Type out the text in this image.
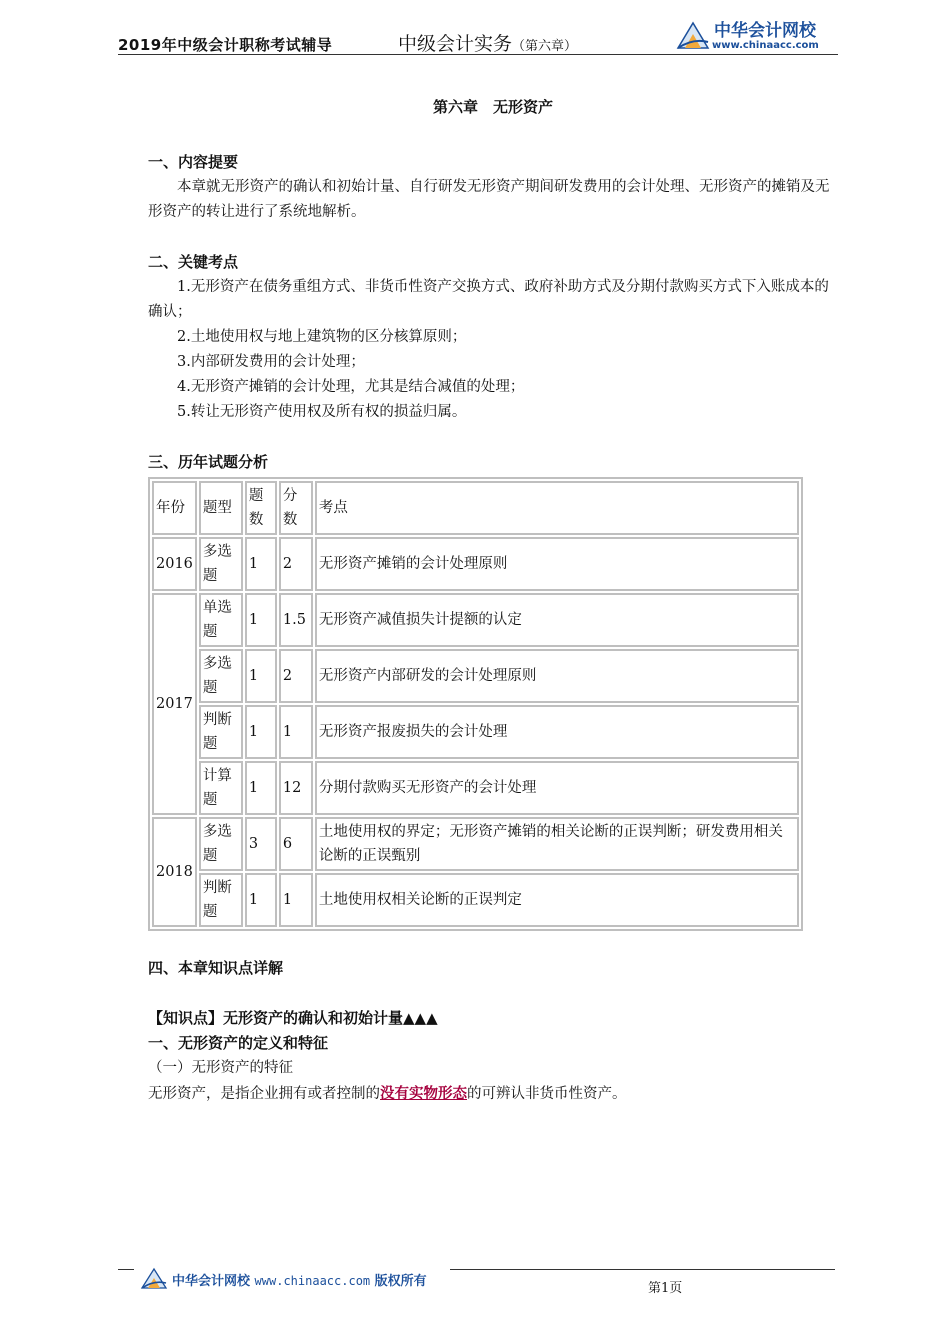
2019年中级会计职称考试辅导	中级会计实务（第六章）
中华会计网校
www.chinaacc.com
第六章　无形资产
一、内容提要

本章就无形资产的确认和初始计量、自行研发无形资产期间研发费用的会计处理、无形资产的摊销及无形资产的转让进行了系统地解析。

二、关键考点

1.无形资产在债务重组方式、非货币性资产交换方式、政府补助方式及分期付款购买方式下入账成本的确认；

2.土地使用权与地上建筑物的区分核算原则；

3.内部研发费用的会计处理；

4.无形资产摊销的会计处理，尤其是结合减值的处理；

5.转让无形资产使用权及所有权的损益归属。

三、历年试题分析
年份	题型	题数	分数	考点
2016	多选题	1	2	无形资产摊销的会计处理原则
2017	单选题	1	1.5	无形资产减值损失计提额的认定
	多选题	1	2	无形资产内部研发的会计处理原则
	判断题	1	1	无形资产报废损失的会计处理
	计算题	1	12	分期付款购买无形资产的会计处理
2018	多选题	3	6	土地使用权的界定；无形资产摊销的相关论断的正误判断；研发费用相关论断的正误甄别
	判断题	1	1	土地使用权相关论断的正误判定
四、本章知识点详解
【知识点】无形资产的确认和初始计量▲▲▲
一、无形资产的定义和特征

（一）无形资产的特征

无形资产，是指企业拥有或者控制的没有实物形态的可辨认非货币性资产。

中华会计网校 www.chinaacc.com 版权所有	第1页
